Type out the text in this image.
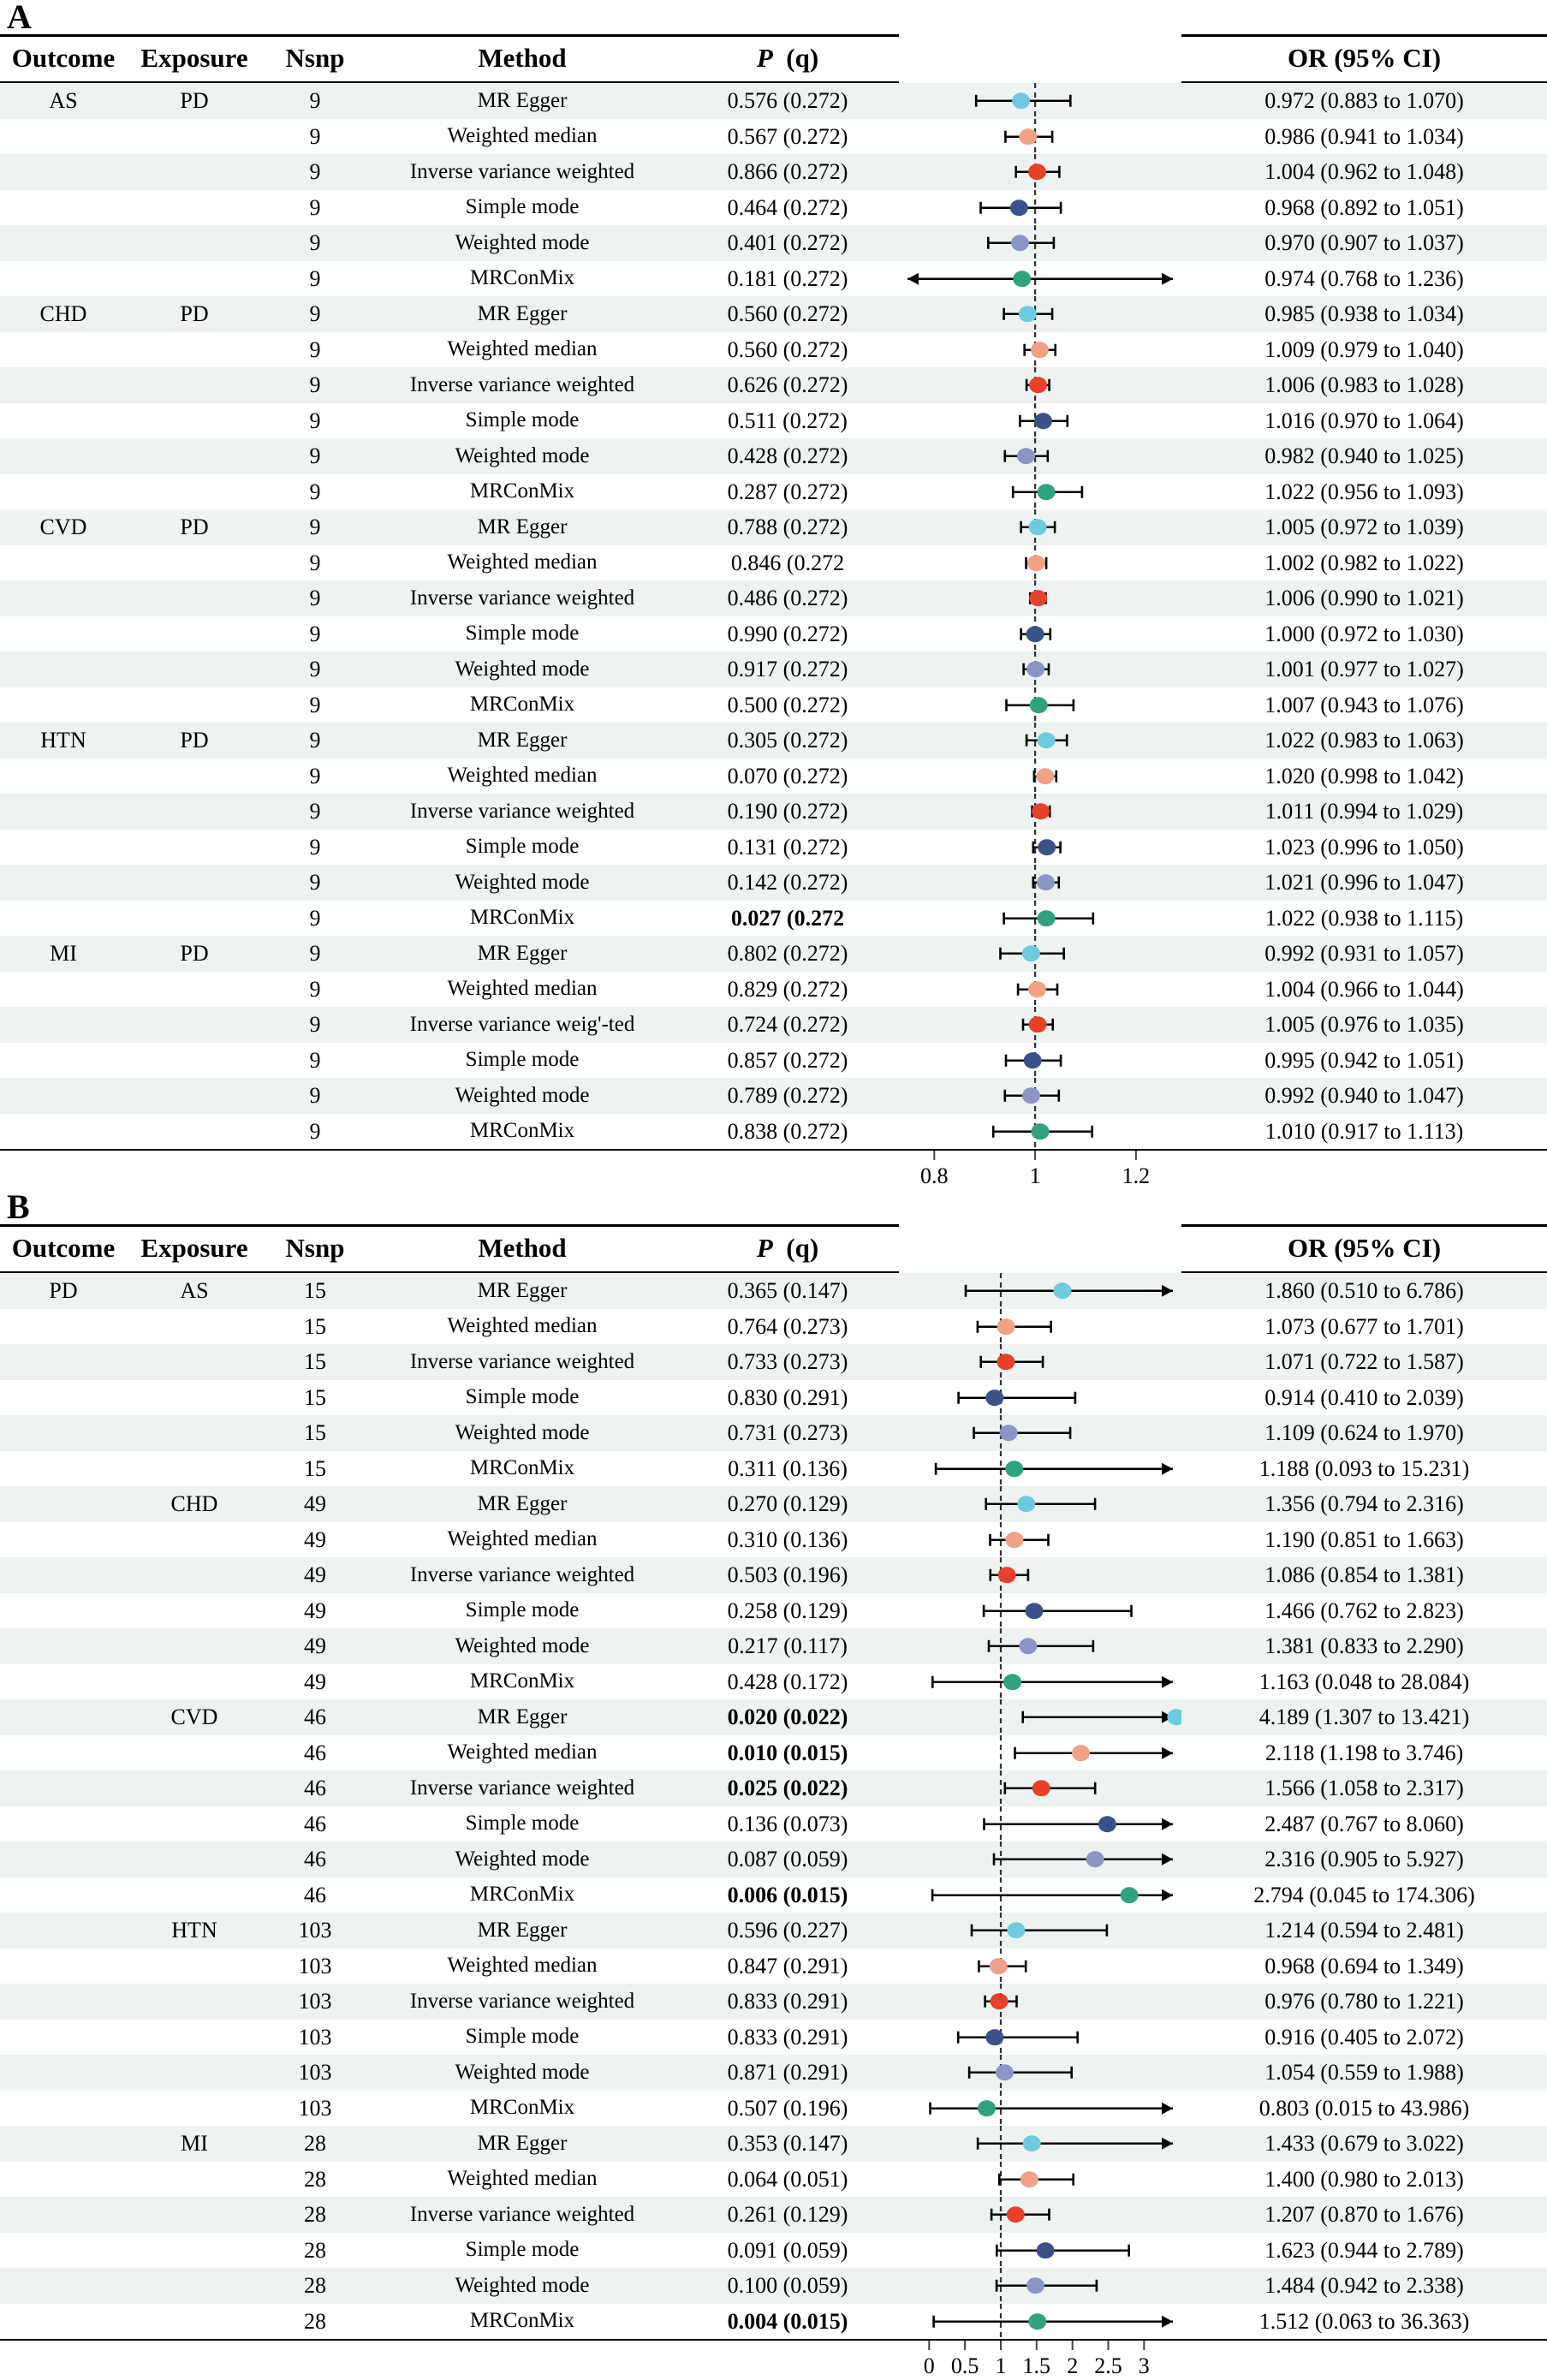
A
Outcome	Exposure	Nsnp	Method	P  (q)		OR (95% CI)
AS	PD	9	MR Egger	0.576 (0.272)		0.972 (0.883 to 1.070)
		9	Weighted median	0.567 (0.272)		0.986 (0.941 to 1.034)
		9	Inverse variance weighted	0.866 (0.272)		1.004 (0.962 to 1.048)
		9	Simple mode	0.464 (0.272)		0.968 (0.892 to 1.051)
		9	Weighted mode	0.401 (0.272)		0.970 (0.907 to 1.037)
		9	MRConMix	0.181 (0.272)		0.974 (0.768 to 1.236)
CHD	PD	9	MR Egger	0.560 (0.272)		0.985 (0.938 to 1.034)
		9	Weighted median	0.560 (0.272)		1.009 (0.979 to 1.040)
		9	Inverse variance weighted	0.626 (0.272)		1.006 (0.983 to 1.028)
		9	Simple mode	0.511 (0.272)		1.016 (0.970 to 1.064)
		9	Weighted mode	0.428 (0.272)		0.982 (0.940 to 1.025)
		9	MRConMix	0.287 (0.272)		1.022 (0.956 to 1.093)
CVD	PD	9	MR Egger	0.788 (0.272)		1.005 (0.972 to 1.039)
		9	Weighted median	0.846 (0.272		1.002 (0.982 to 1.022)
		9	Inverse variance weighted	0.486 (0.272)		1.006 (0.990 to 1.021)
		9	Simple mode	0.990 (0.272)		1.000 (0.972 to 1.030)
		9	Weighted mode	0.917 (0.272)		1.001 (0.977 to 1.027)
		9	MRConMix	0.500 (0.272)		1.007 (0.943 to 1.076)
HTN	PD	9	MR Egger	0.305 (0.272)		1.022 (0.983 to 1.063)
		9	Weighted median	0.070 (0.272)		1.020 (0.998 to 1.042)
		9	Inverse variance weighted	0.190 (0.272)		1.011 (0.994 to 1.029)
		9	Simple mode	0.131 (0.272)		1.023 (0.996 to 1.050)
		9	Weighted mode	0.142 (0.272)		1.021 (0.996 to 1.047)
		9	MRConMix	0.027 (0.272		1.022 (0.938 to 1.115)
MI	PD	9	MR Egger	0.802 (0.272)		0.992 (0.931 to 1.057)
		9	Weighted median	0.829 (0.272)		1.004 (0.966 to 1.044)
		9	Inverse variance weig'-ted	0.724 (0.272)		1.005 (0.976 to 1.035)
		9	Simple mode	0.857 (0.272)		0.995 (0.942 to 1.051)
		9	Weighted mode	0.789 (0.272)		0.992 (0.940 to 1.047)
		9	MRConMix	0.838 (0.272)		1.010 (0.917 to 1.113)

0.8 1 1.2	

B
Outcome	Exposure	Nsnp	Method	P  (q)		OR (95% CI)
PD	AS	15	MR Egger	0.365 (0.147)		1.860 (0.510 to 6.786)
		15	Weighted median	0.764 (0.273)		1.073 (0.677 to 1.701)
		15	Inverse variance weighted	0.733 (0.273)		1.071 (0.722 to 1.587)
		15	Simple mode	0.830 (0.291)		0.914 (0.410 to 2.039)
		15	Weighted mode	0.731 (0.273)		1.109 (0.624 to 1.970)
		15	MRConMix	0.311 (0.136)		1.188 (0.093 to 15.231)
	CHD	49	MR Egger	0.270 (0.129)		1.356 (0.794 to 2.316)
		49	Weighted median	0.310 (0.136)		1.190 (0.851 to 1.663)
		49	Inverse variance weighted	0.503 (0.196)		1.086 (0.854 to 1.381)
		49	Simple mode	0.258 (0.129)		1.466 (0.762 to 2.823)
		49	Weighted mode	0.217 (0.117)		1.381 (0.833 to 2.290)
		49	MRConMix	0.428 (0.172)		1.163 (0.048 to 28.084)
	CVD	46	MR Egger	0.020 (0.022)		4.189 (1.307 to 13.421)
		46	Weighted median	0.010 (0.015)		2.118 (1.198 to 3.746)
		46	Inverse variance weighted	0.025 (0.022)		1.566 (1.058 to 2.317)
		46	Simple mode	0.136 (0.073)		2.487 (0.767 to 8.060)
		46	Weighted mode	0.087 (0.059)		2.316 (0.905 to 5.927)
		46	MRConMix	0.006 (0.015)		2.794 (0.045 to 174.306)
	HTN	103	MR Egger	0.596 (0.227)		1.214 (0.594 to 2.481)
		103	Weighted median	0.847 (0.291)		0.968 (0.694 to 1.349)
		103	Inverse variance weighted	0.833 (0.291)		0.976 (0.780 to 1.221)
		103	Simple mode	0.833 (0.291)		0.916 (0.405 to 2.072)
		103	Weighted mode	0.871 (0.291)		1.054 (0.559 to 1.988)
		103	MRConMix	0.507 (0.196)		0.803 (0.015 to 43.986)
	MI	28	MR Egger	0.353 (0.147)		1.433 (0.679 to 3.022)
		28	Weighted median	0.064 (0.051)		1.400 (0.980 to 2.013)
		28	Inverse variance weighted	0.261 (0.129)		1.207 (0.870 to 1.676)
		28	Simple mode	0.091 (0.059)		1.623 (0.944 to 2.789)
		28	Weighted mode	0.100 (0.059)		1.484 (0.942 to 2.338)
		28	MRConMix	0.004 (0.015)		1.512 (0.063 to 36.363)

0 0.5 1 1.5 2 2.5 3
